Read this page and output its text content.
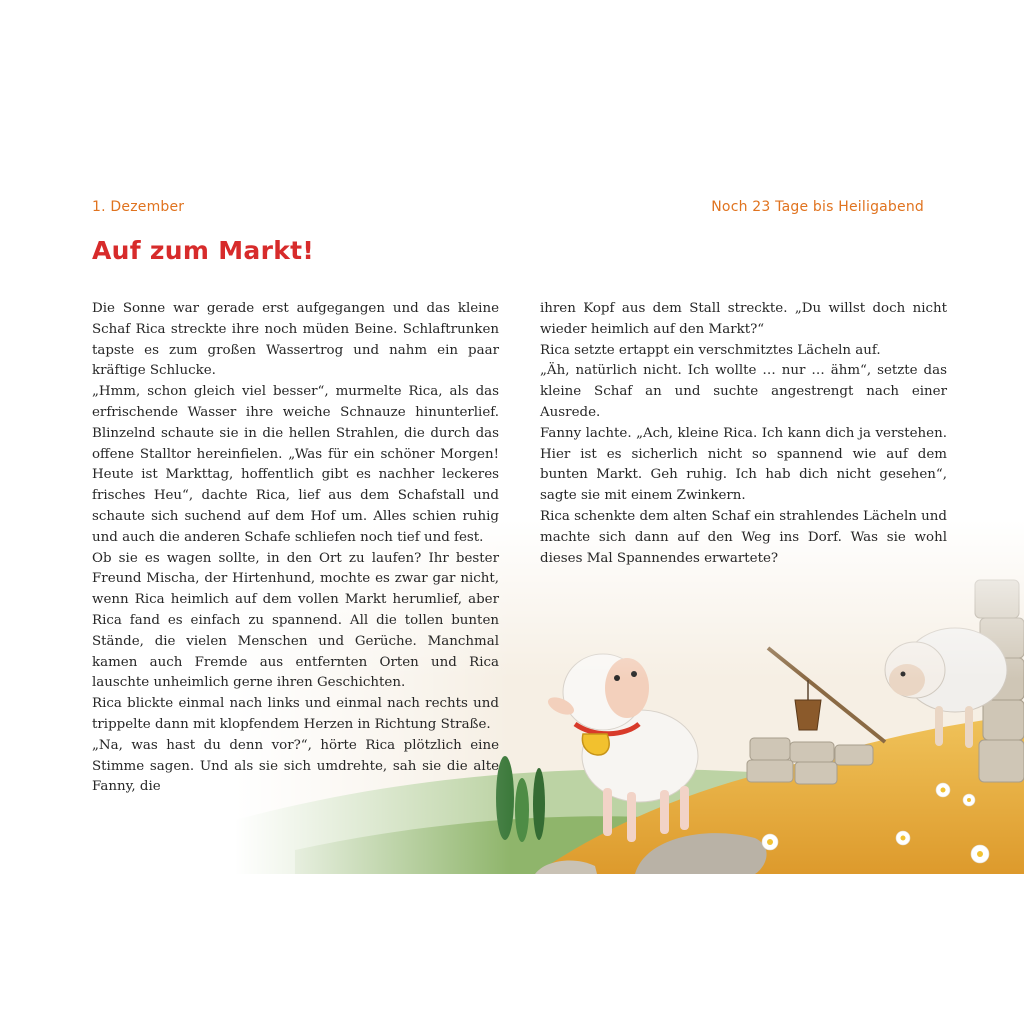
1. Dezember	Noch 23 Tage bis Heiligabend
Auf zum Markt!

Die Sonne war gerade erst aufgegangen und das kleine Schaf Rica streckte ihre noch müden Beine. Schlaftrunken tapste es zum großen Wassertrog und nahm ein paar kräftige Schlucke.

„Hmm, schon gleich viel besser“, murmelte Rica, als das erfrischende Wasser ihre weiche Schnauze hinunterlief. Blinzelnd schaute sie in die hellen Strahlen, die durch das offene Stalltor hereinfielen. „Was für ein schöner Morgen! Heute ist Markttag, hoffentlich gibt es nachher leckeres frisches Heu“, dachte Rica, lief aus dem Schafstall und schaute sich suchend auf dem Hof um. Alles schien ruhig und auch die anderen Schafe schliefen noch tief und fest.

Ob sie es wagen sollte, in den Ort zu laufen? Ihr bester Freund Mischa, der Hirtenhund, mochte es zwar gar nicht, wenn Rica heimlich auf dem vollen Markt herumlief, aber Rica fand es einfach zu spannend. All die tollen bunten Stände, die vielen Menschen und Gerüche. Manchmal kamen auch Fremde aus entfernten Orten und Rica lauschte unheimlich gerne ihren Geschichten.

Rica blickte einmal nach links und einmal nach rechts und trippelte dann mit klopfendem Herzen in Richtung Straße.

„Na, was hast du denn vor?“, hörte Rica plötzlich eine Stimme sagen. Und als sie sich umdrehte, sah sie die alte Fanny, die

ihren Kopf aus dem Stall streckte. „Du willst doch nicht wieder heimlich auf den Markt?“

Rica setzte ertappt ein verschmitztes Lächeln auf.

„Äh, natürlich nicht. Ich wollte … nur … ähm“, setzte das kleine Schaf an und suchte angestrengt nach einer Ausrede.

Fanny lachte. „Ach, kleine Rica. Ich kann dich ja verstehen. Hier ist es sicherlich nicht so spannend wie auf dem bunten Markt. Geh ruhig. Ich hab dich nicht gesehen“, sagte sie mit einem Zwinkern.

Rica schenkte dem alten Schaf ein strahlendes Lächeln und machte sich dann auf den Weg ins Dorf. Was sie wohl dieses Mal Spannendes erwartete?
